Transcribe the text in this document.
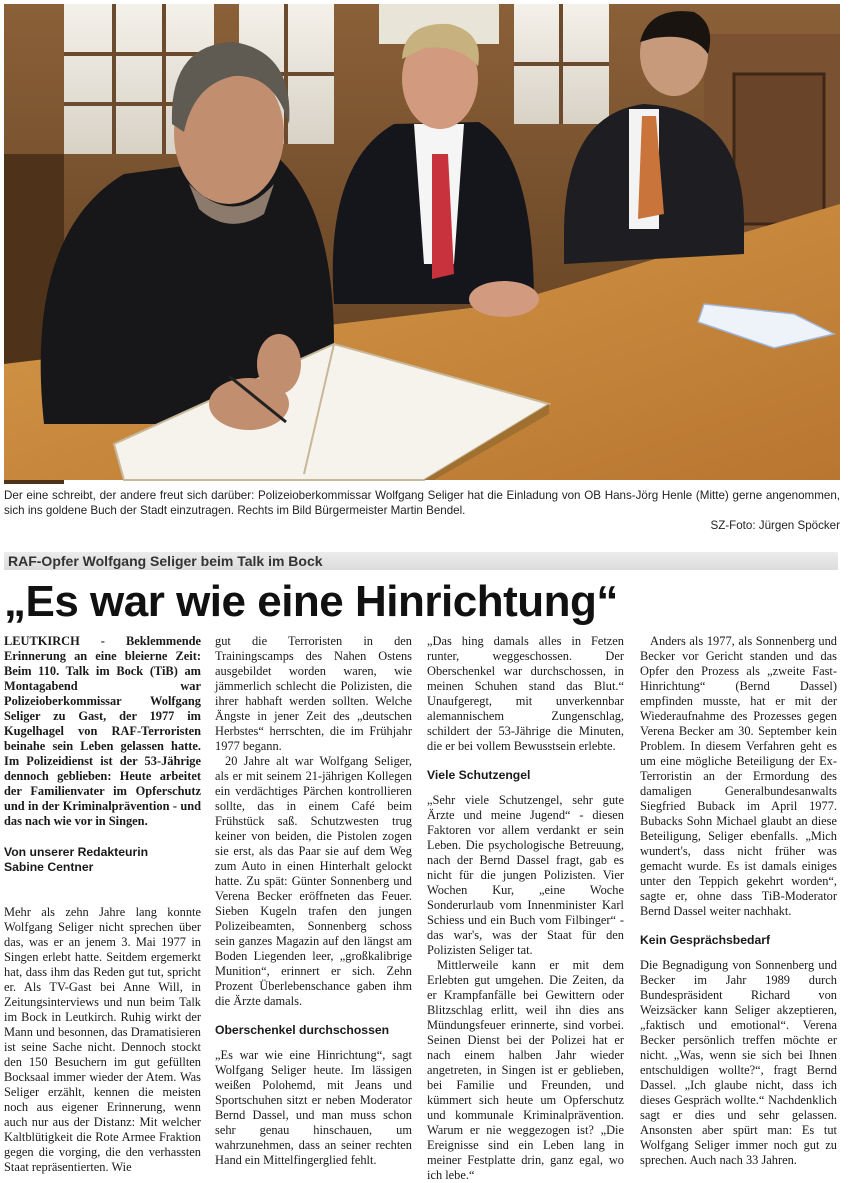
Der eine schreibt, der andere freut sich darüber: Polizeioberkommissar Wolfgang Seliger hat die Einladung von OB Hans-Jörg Henle (Mitte) gerne angenommen, sich ins goldene Buch der Stadt einzutragen. Rechts im Bild Bürgermeister Martin Bendel.
SZ-Foto: Jürgen Spöcker
RAF-Opfer Wolfgang Seliger beim Talk im Bock
„Es war wie eine Hinrichtung“

LEUTKIRCH - Beklemmende Erinnerung an eine bleierne Zeit: Beim 110. Talk im Bock (TiB) am Montagabend war Polizeioberkommissar Wolfgang Seliger zu Gast, der 1977 im Kugelhagel von RAF-Terroristen beinahe sein Leben gelassen hatte. Im Polizeidienst ist der 53-Jährige dennoch geblieben: Heute arbeitet der Familienvater im Opferschutz und in der Kriminalprävention - und das nach wie vor in Singen.

Von unserer Redakteurin
Sabine Centner

Mehr als zehn Jahre lang konnte Wolfgang Seliger nicht sprechen über das, was er an jenem 3. Mai 1977 in Singen erlebt hatte. Seitdem ergemerkt hat, dass ihm das Reden gut tut, spricht er. Als TV-Gast bei Anne Will, in Zeitungsinterviews und nun beim Talk im Bock in Leutkirch. Ruhig wirkt der Mann und besonnen, das Dramatisieren ist seine Sache nicht. Dennoch stockt den 150 Besuchern im gut gefüllten Bocksaal immer wieder der Atem. Was Seliger erzählt, kennen die meisten noch aus eigener Erinnerung, wenn auch nur aus der Distanz: Mit welcher Kaltblütigkeit die Rote Armee Fraktion gegen die vorging, die den verhassten Staat repräsentierten. Wie

gut die Terroristen in den Trainingscamps des Nahen Ostens ausgebildet worden waren, wie jämmerlich schlecht die Polizisten, die ihrer habhaft werden sollten. Welche Ängste in jener Zeit des „deutschen Herbstes“ herrschten, die im Frühjahr 1977 begann.

20 Jahre alt war Wolfgang Seliger, als er mit seinem 21-jährigen Kollegen ein verdächtiges Pärchen kontrollieren sollte, das in einem Café beim Frühstück saß. Schutzwesten trug keiner von beiden, die Pistolen zogen sie erst, als das Paar sie auf dem Weg zum Auto in einen Hinterhalt gelockt hatte. Zu spät: Günter Sonnenberg und Verena Becker eröffneten das Feuer. Sieben Kugeln trafen den jungen Polizeibeamten, Sonnenberg schoss sein ganzes Magazin auf den längst am Boden Liegenden leer, „großkalibrige Munition“, erinnert er sich. Zehn Prozent Überlebenschance gaben ihm die Ärzte damals.

Oberschenkel durchschossen

„Es war wie eine Hinrichtung“, sagt Wolfgang Seliger heute. Im lässigen weißen Polohemd, mit Jeans und Sportschuhen sitzt er neben Moderator Bernd Dassel, und man muss schon sehr genau hinschauen, um wahrzunehmen, dass an seiner rechten Hand ein Mittelfingerglied fehlt.

„Das hing damals alles in Fetzen runter, weggeschossen. Der Oberschenkel war durchschossen, in meinen Schuhen stand das Blut.“ Unaufgeregt, mit unverkennbar alemannischem Zungenschlag, schildert der 53-Jährige die Minuten, die er bei vollem Bewusstsein erlebte.

Viele Schutzengel

„Sehr viele Schutzengel, sehr gute Ärzte und meine Jugend“ - diesen Faktoren vor allem verdankt er sein Leben. Die psychologische Betreuung, nach der Bernd Dassel fragt, gab es nicht für die jungen Polizisten. Vier Wochen Kur, „eine Woche Sonderurlaub vom Innenminister Karl Schiess und ein Buch vom Filbinger“ - das war's, was der Staat für den Polizisten Seliger tat.

Mittlerweile kann er mit dem Erlebten gut umgehen. Die Zeiten, da er Krampfanfälle bei Gewittern oder Blitzschlag erlitt, weil ihn dies ans Mündungsfeuer erinnerte, sind vorbei. Seinen Dienst bei der Polizei hat er nach einem halben Jahr wieder angetreten, in Singen ist er geblieben, bei Familie und Freunden, und kümmert sich heute um Opferschutz und kommunale Kriminalprävention. Warum er nie weggezogen ist? „Die Ereignisse sind ein Leben lang in meiner Festplatte drin, ganz egal, wo ich lebe.“

Anders als 1977, als Sonnenberg und Becker vor Gericht standen und das Opfer den Prozess als „zweite Fast-Hinrichtung“ (Bernd Dassel) empfinden musste, hat er mit der Wiederaufnahme des Prozesses gegen Verena Becker am 30. September kein Problem. In diesem Verfahren geht es um eine mögliche Beteiligung der Ex-Terroristin an der Ermordung des damaligen Generalbundesanwalts Siegfried Buback im April 1977. Bubacks Sohn Michael glaubt an diese Beteiligung, Seliger ebenfalls. „Mich wundert's, dass nicht früher was gemacht wurde. Es ist damals einiges unter den Teppich gekehrt worden“, sagte er, ohne dass TiB-Moderator Bernd Dassel weiter nachhakt.

Kein Gesprächsbedarf

Die Begnadigung von Sonnenberg und Becker im Jahr 1989 durch Bundespräsident Richard von Weizsäcker kann Seliger akzeptieren, „faktisch und emotional“. Verena Becker persönlich treffen möchte er nicht. „Was, wenn sie sich bei Ihnen entschuldigen wollte?“, fragt Bernd Dassel. „Ich glaube nicht, dass ich dieses Gespräch wollte.“ Nachdenklich sagt er dies und sehr gelassen. Ansonsten aber spürt man: Es tut Wolfgang Seliger immer noch gut zu sprechen. Auch nach 33 Jahren.
